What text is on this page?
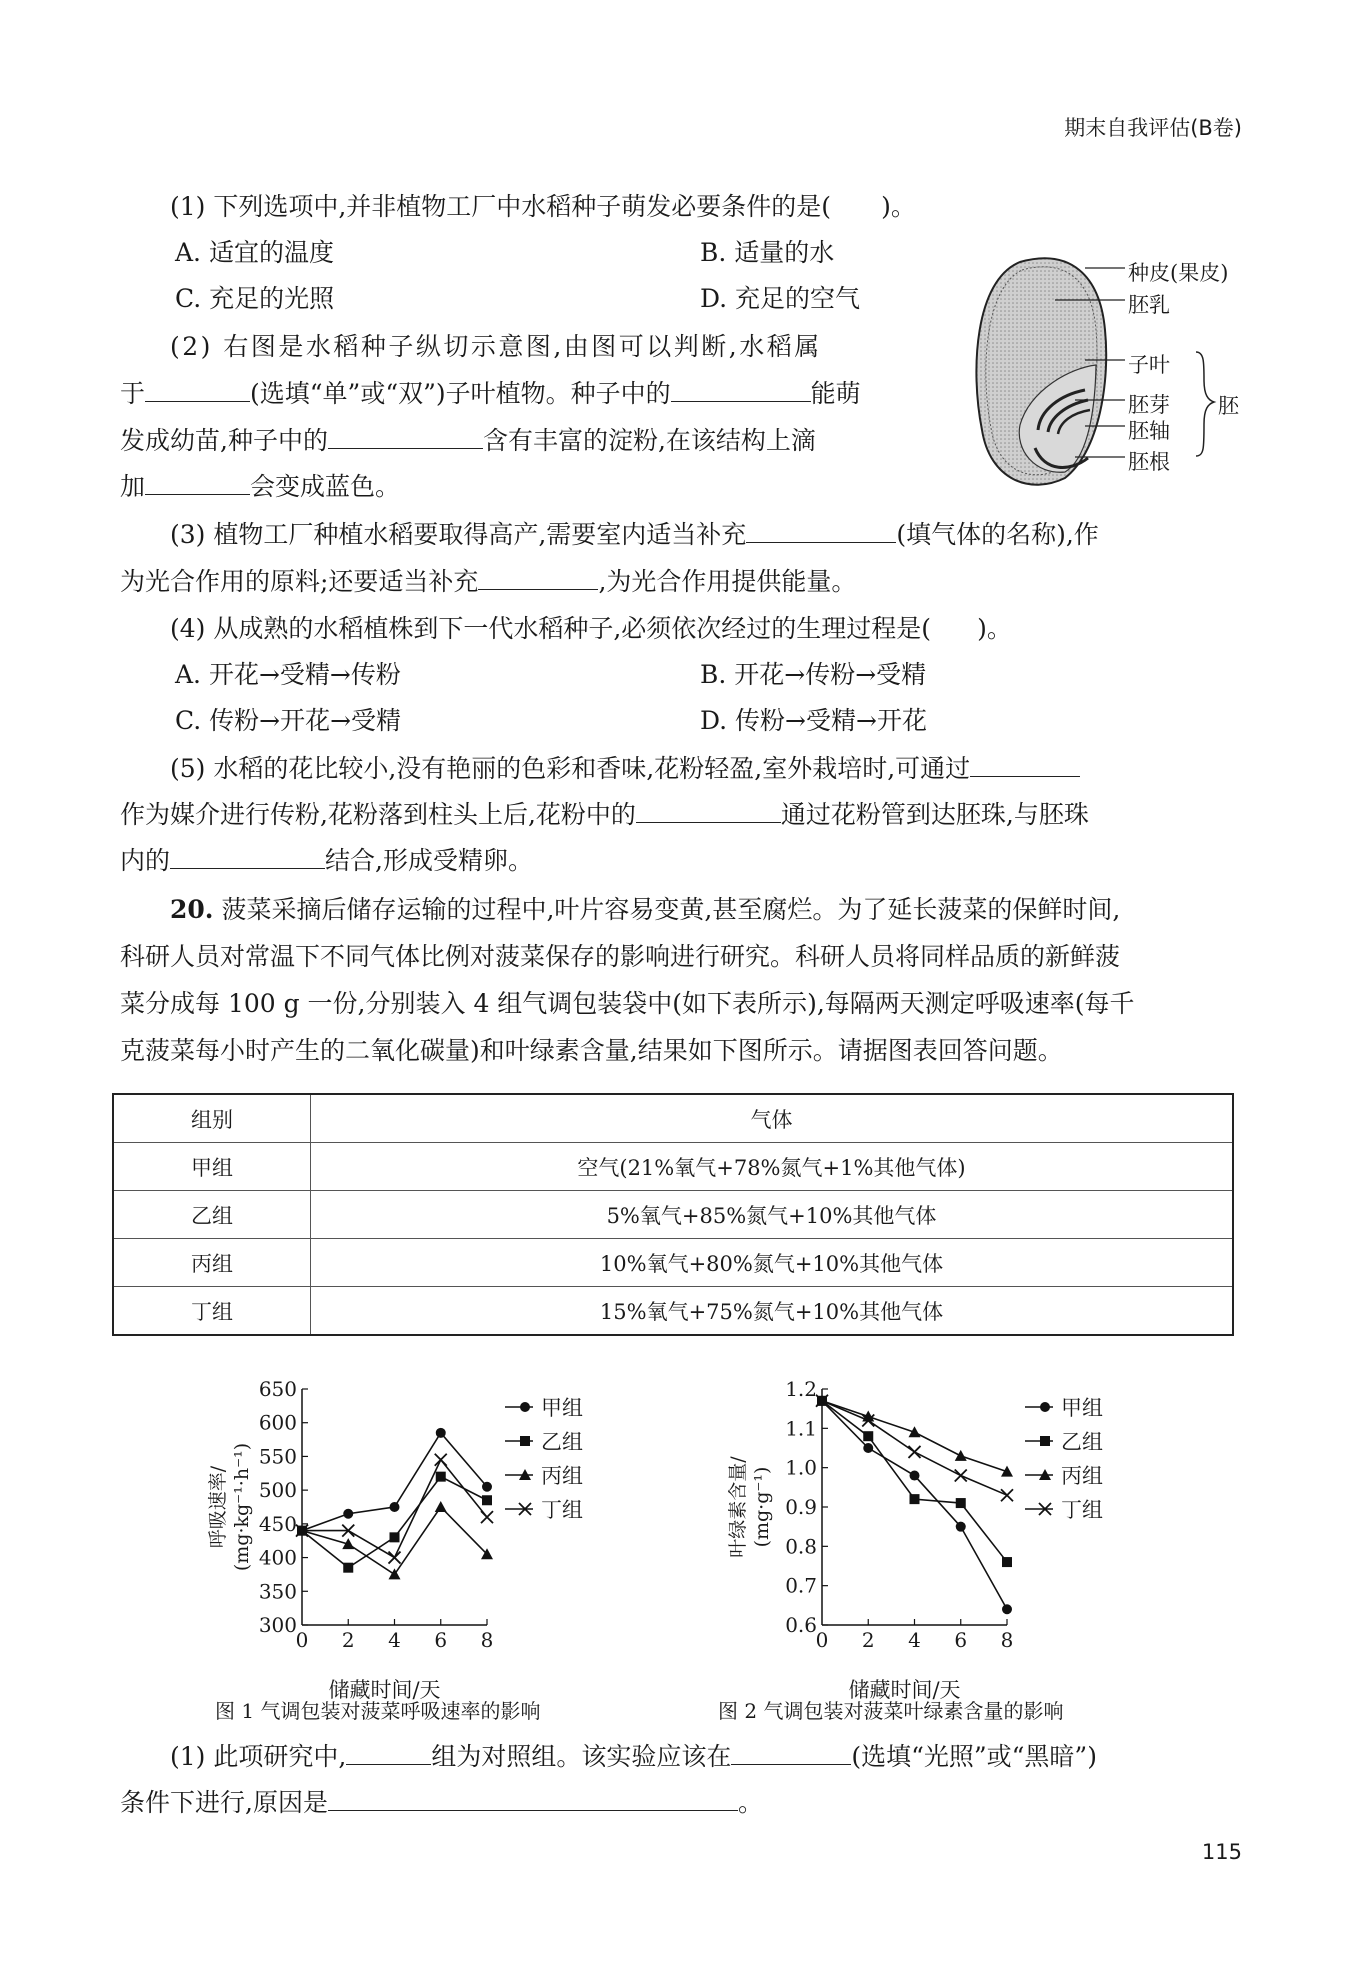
期末自我评估(B卷)
(1) 下列选项中,并非植物工厂中水稻种子萌发必要条件的是( )。
A. 适宜的温度	B. 适量的水
C. 充足的光照	D. 充足的空气
(2) 右图是水稻种子纵切示意图,由图可以判断,水稻属
于	(选填“单”或“双”)子叶植物。种子中的	能萌
发成幼苗,种子中的	含有丰富的淀粉,在该结构上滴
加	会变成蓝色。
种皮(果皮)
胚乳
子叶
胚芽
胚轴
胚根
胚
(3) 植物工厂种植水稻要取得高产,需要室内适当补充	(填气体的名称),作
为光合作用的原料;还要适当补充	,为光合作用提供能量。
(4) 从成熟的水稻植株到下一代水稻种子,必须依次经过的生理过程是( )。
A. 开花→受精→传粉	B. 开花→传粉→受精
C. 传粉→开花→受精	D. 传粉→受精→开花
(5) 水稻的花比较小,没有艳丽的色彩和香味,花粉轻盈,室外栽培时,可通过
作为媒介进行传粉,花粉落到柱头上后,花粉中的	通过花粉管到达胚珠,与胚珠
内的	结合,形成受精卵。
20. 菠菜采摘后储存运输的过程中,叶片容易变黄,甚至腐烂。为了延长菠菜的保鲜时间,
科研人员对常温下不同气体比例对菠菜保存的影响进行研究。科研人员将同样品质的新鲜菠
菜分成每 100 g 一份,分别装入 4 组气调包装袋中(如下表所示),每隔两天测定呼吸速率(每千
克菠菜每小时产生的二氧化碳量)和叶绿素含量,结果如下图所示。请据图表回答问题。
组别	气体
甲组	空气(21%氧气+78%氮气+1%其他气体)
乙组	5%氧气+85%氮气+10%其他气体
丙组	10%氧气+80%氮气+10%其他气体
丁组	15%氧气+75%氮气+10%其他气体
300
350
400
450
500
550
600
650
0 2 4 6 8
呼吸速率/ (mg·kg⁻¹·h⁻¹)
储藏时间/天
甲组
乙组
丙组
丁组
0.6
0.7
0.8
0.9
1.0
1.1
1.2
0 2 4 6 8
叶绿素含量/ (mg·g⁻¹)
储藏时间/天
甲组
乙组
丙组
丁组
图 1 气调包装对菠菜呼吸速率的影响	图 2 气调包装对菠菜叶绿素含量的影响
(1) 此项研究中,	组为对照组。该实验应该在	(选填“光照”或“黑暗”)
条件下进行,原因是	。
115
